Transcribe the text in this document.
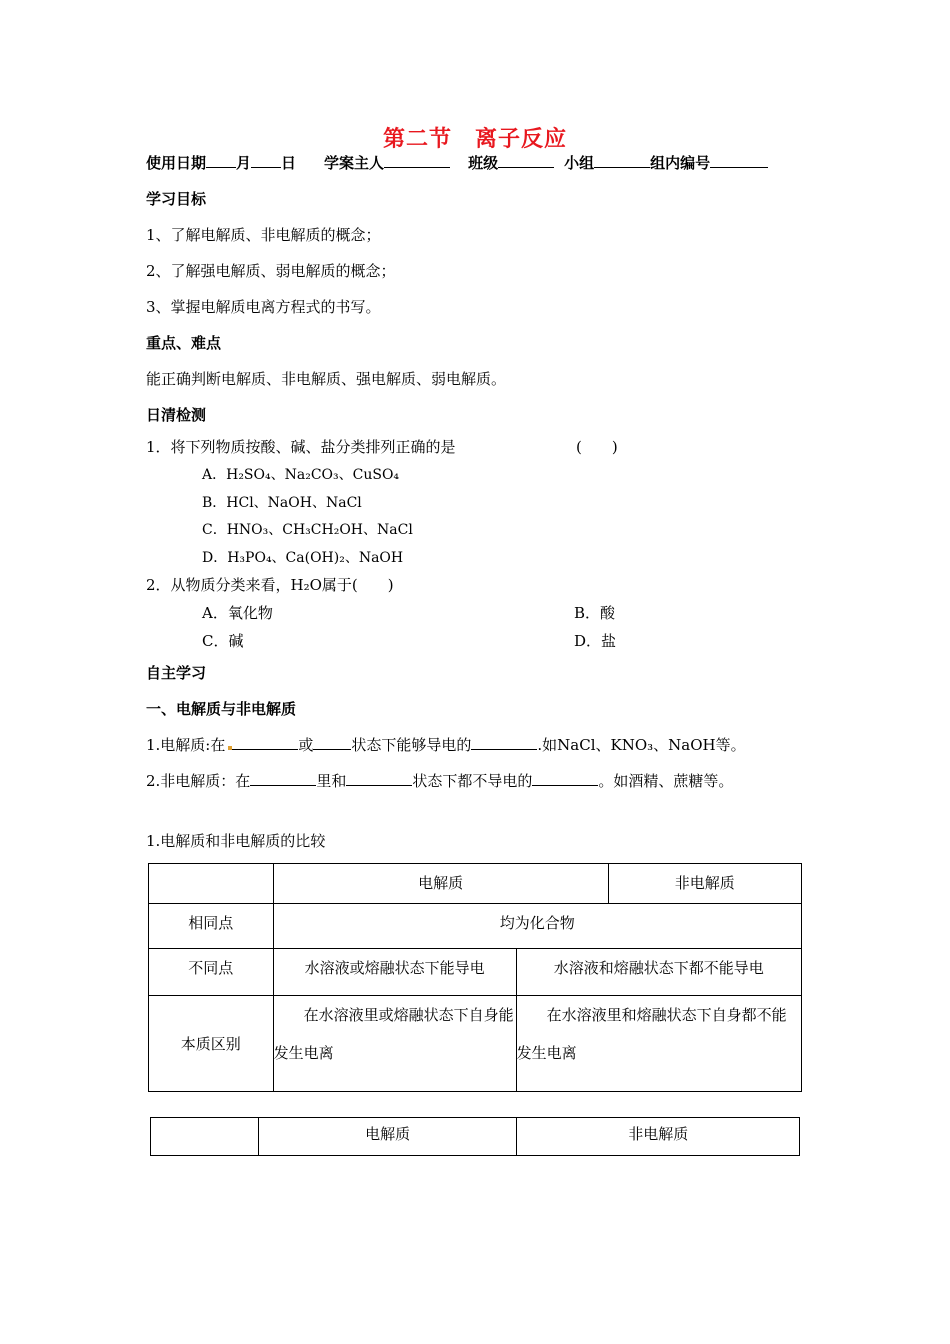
第二节　离子反应
使用日期 月 日 学案主人	班级	小组	组内编号
学习目标
1、了解电解质、非电解质的概念；
2、了解强电解质、弱电解质的概念；
3、掌握电解质电离方程式的书写。
重点、难点
能正确判断电解质、非电解质、强电解质、弱电解质。
日清检测
1．将下列物质按酸、碱、盐分类排列正确的是	(　　)
A．H₂SO₄、Na₂CO₃、CuSO₄
B．HCl、NaOH、NaCl
C．HNO₃、CH₃CH₂OH、NaCl
D．H₃PO₄、Ca(OH)₂、NaOH
2．从物质分类来看，H₂O属于(　　)
A．氧化物	B．酸
C．碱	D．盐
自主学习
一、电解质与非电解质
1.电解质:在	或	状态下能够导电的	.如NaCl、KNO₃、NaOH等。
2.非电解质：在	里和	状态下都不导电的	。如酒精、蔗糖等。
1.电解质和非电解质的比较

	电解质		非电解质

相同点	均为化合物		

不同点	水溶液或熔融状态下能导电	水溶液和熔融状态下都不能导电	

本质区别	　　在水溶液里或熔融状态下自身能发生电离	　　在水溶液里和熔融状态下自身都不能发生电离	

电解质	非电解质
